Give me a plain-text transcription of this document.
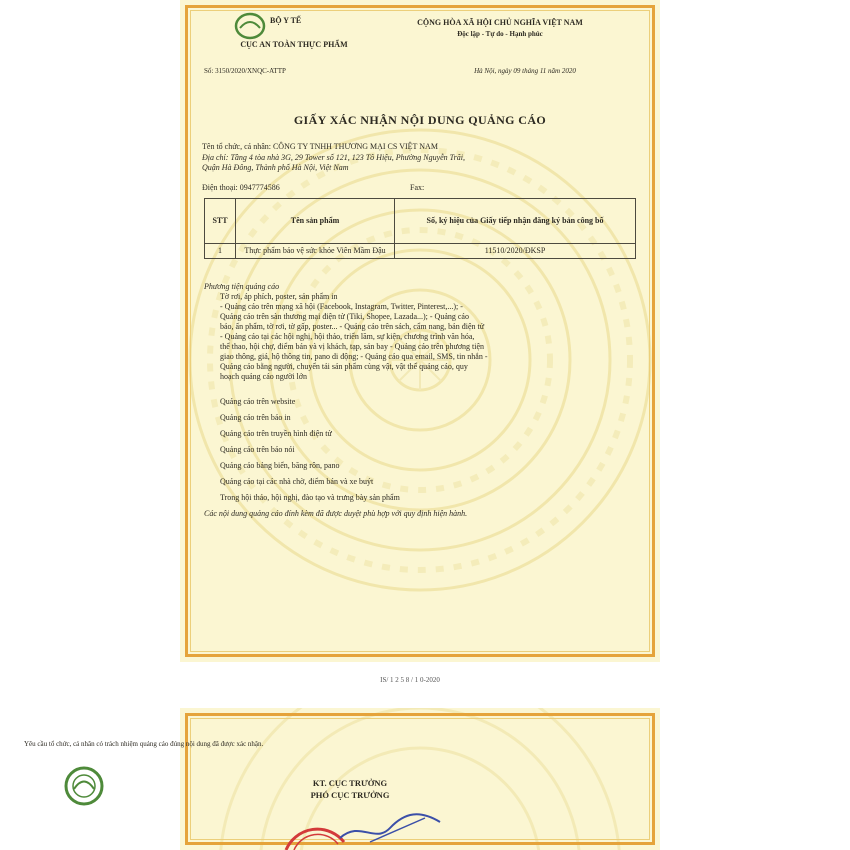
BỘ Y TẾ
CỤC AN TOÀN THỰC PHẨM
CỘNG HÒA XÃ HỘI CHỦ NGHĨA VIỆT NAM
Độc lập - Tự do - Hạnh phúc
Số: 3150/2020/XNQC-ATTP	Hà Nội, ngày 09 tháng 11 năm 2020
GIẤY XÁC NHẬN NỘI DUNG QUẢNG CÁO
Tên tổ chức, cá nhân: CÔNG TY TNHH THƯƠNG MẠI CS VIỆT NAM
Địa chỉ: Tầng 4 tòa nhà 3G, 29 Tower số 121, 123 Tô Hiệu, Phường Nguyễn Trãi,
Quận Hà Đông, Thành phố Hà Nội, Việt Nam
Điện thoại: 0947774586	Fax:
STT	Tên sản phẩm	Số, ký hiệu của Giấy tiếp nhận đăng ký bản công bố
1	Thực phẩm bảo vệ sức khỏe Viên Mầm Đậu	11510/2020/ĐKSP
Phương tiện quảng cáo
Tờ rơi, áp phích, poster, sản phẩm in
- Quảng cáo trên mạng xã hội (Facebook, Instagram, Twitter, Pinterest,...); -
Quảng cáo trên sàn thương mại điện tử (Tiki, Shopee, Lazada...); - Quảng cáo
báo, ấn phẩm, tờ rơi, tờ gấp, poster... - Quảng cáo trên sách, cẩm nang, bản điện tử
- Quảng cáo tại các hội nghị, hội thảo, triển lãm, sự kiện, chương trình văn hóa,
thể thao, hội chợ, điểm bán và vị khách, tạp, sản bay - Quảng cáo trên phương tiện
giao thông, giá, hộ thông tin, pano di động; - Quảng cáo qua email, SMS, tin nhắn -
Quảng cáo bằng người, chuyển tải sản phẩm cùng vật, vật thể quảng cáo, quy
hoạch quảng cáo người lớn
Quảng cáo trên website
Quảng cáo trên báo in
Quảng cáo trên truyền hình điện tử
Quảng cáo trên báo nói
Quảng cáo bảng biển, băng rôn, pano
Quảng cáo tại các nhà chờ, điểm bán và xe buýt
Trong hội thảo, hội nghị, đào tạo và trưng bày sản phẩm
Các nội dung quảng cáo đính kèm đã được duyệt phù hợp với quy định hiện hành.
IS/ 1 2 5 8 / 1 0-2020
Yêu cầu tổ chức, cá nhân có trách nhiệm quảng cáo đúng nội dung đã được xác nhận.
KT. CỤC TRƯỞNG
PHÓ CỤC TRƯỞNG
